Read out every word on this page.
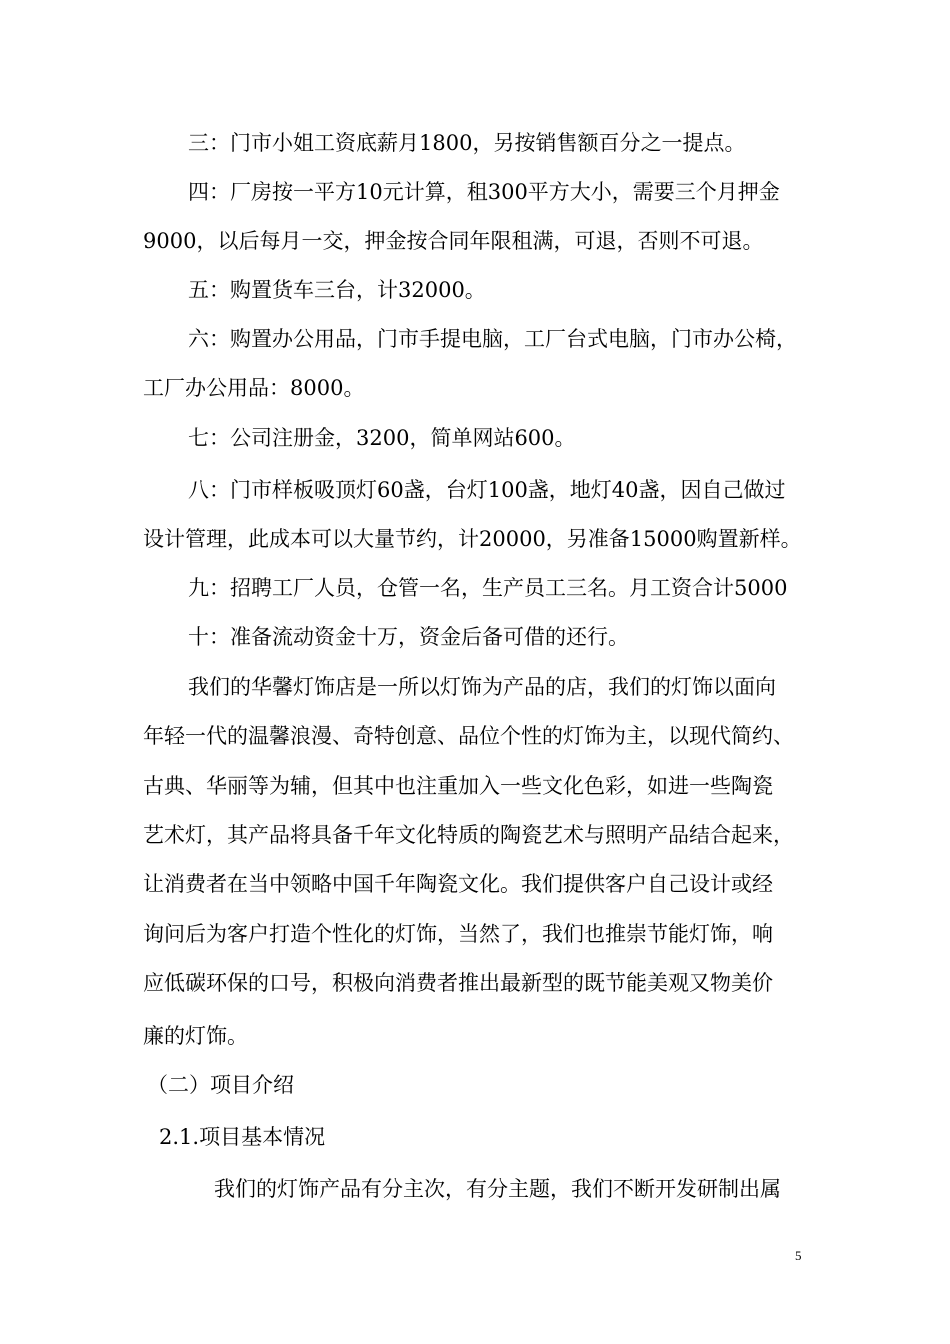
三：门市小姐工资底薪月1800，另按销售额百分之一提点。
四：厂房按一平方10元计算，租300平方大小，需要三个月押金
9000，以后每月一交，押金按合同年限租满，可退，否则不可退。
五：购置货车三台，计32000。
六：购置办公用品，门市手提电脑，工厂台式电脑，门市办公椅，
工厂办公用品：8000。
七：公司注册金，3200，简单网站600。
八：门市样板吸顶灯60盏，台灯100盏，地灯40盏，因自己做过
设计管理，此成本可以大量节约，计20000，另准备15000购置新样。
九：招聘工厂人员，仓管一名，生产员工三名。月工资合计5000
十：准备流动资金十万，资金后备可借的还行。
我们的华馨灯饰店是一所以灯饰为产品的店，我们的灯饰以面向
年轻一代的温馨浪漫、奇特创意、品位个性的灯饰为主，以现代简约、
古典、华丽等为辅，但其中也注重加入一些文化色彩，如进一些陶瓷
艺术灯，其产品将具备千年文化特质的陶瓷艺术与照明产品结合起来，
让消费者在当中领略中国千年陶瓷文化。我们提供客户自己设计或经
询问后为客户打造个性化的灯饰，当然了，我们也推崇节能灯饰，响
应低碳环保的口号，积极向消费者推出最新型的既节能美观又物美价
廉的灯饰。
（二）项目介绍
2.1.项目基本情况
我们的灯饰产品有分主次，有分主题，我们不断开发研制出属
5
